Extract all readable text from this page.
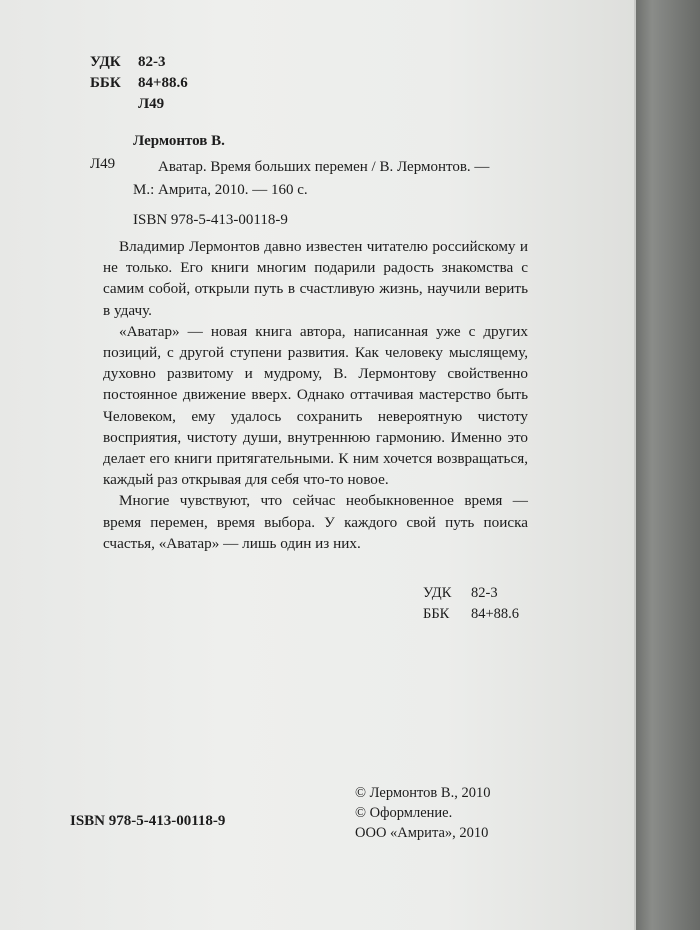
УДК	82-3
ББК	84+88.6
Л49
Лермонтов В.
Л49	Аватар. Время больших перемен / В. Лермонтов. —
М.: Амрита, 2010. — 160 с.
ISBN 978-5-413-00118-9

Владимир Лермонтов давно известен читателю российскому и не только. Его книги многим подарили радость знакомства с самим собой, открыли путь в счастливую жизнь, научили верить в удачу.

«Аватар» — новая книга автора, написанная уже с других позиций, с другой ступени развития. Как человеку мыслящему, духовно развитому и мудрому, В. Лермонтову свойственно постоянное движение вверх. Однако оттачивая мастерство быть Человеком, ему удалось сохранить невероятную чистоту восприятия, чистоту души, внутреннюю гармонию. Именно это делает его книги притягательными. К ним хочется возвращаться, каждый раз открывая для себя что-то новое.

Многие чувствуют, что сейчас необыкновенное время — время перемен, время выбора. У каждого свой путь поиска счастья, «Аватар» — лишь один из них.

УДК	82-3
ББК	84+88.6
ISBN 978-5-413-00118-9
© Лермонтов В., 2010
© Оформление.
ООО «Амрита», 2010
